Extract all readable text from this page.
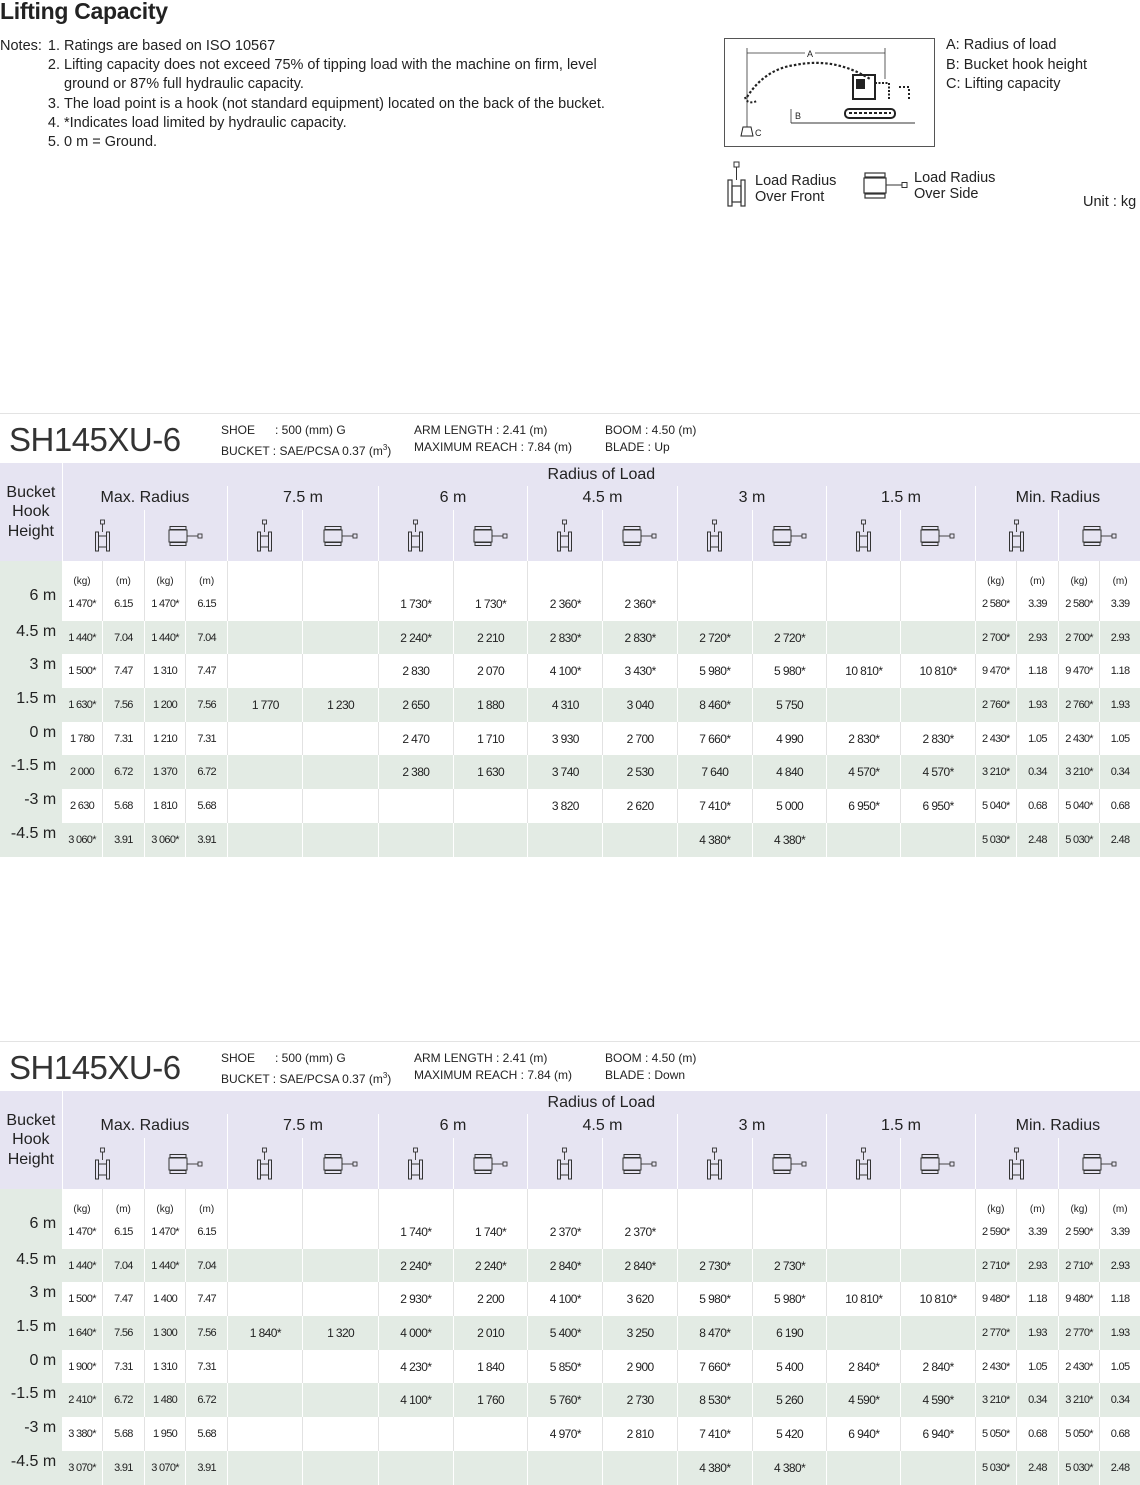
Lifting Capacity
Notes: 1. Ratings are based on ISO 10567
2. Lifting capacity does not exceed 75% of tipping load with the machine on firm, level ground or 87% full hydraulic capacity.
3. The load point is a hook (not standard equipment) located on the back of the bucket.
4. *Indicates load limited by hydraulic capacity.
5. 0 m = Ground.
A
B
C
A: Radius of load
B: Bucket hook height
C: Lifting capacity
Load Radius
Over Front
Load Radius
Over Side	Unit : kg
SH145XU-6	SHOE      : 500 (mm) G
BUCKET : SAE/PCSA 0.37 $(m^3)$
ARM LENGTH : 2.41 (m)
MAXIMUM REACH : 7.84 (m)
BOOM : 4.50 (m)
BLADE : Up
Bucket
Hook
Height	Radius of Load																	
	Max. Radius				7.5 m		6 m		4.5 m		3 m		1.5 m		Min. Radius			

	(kg)	(m)	(kg)	(m)											(kg)	(m)	(kg)	(m)
6 m	1 470*	6.15	1 470*	6.15			1 730*	1 730*	2 360*	2 360*					2 580*	3.39	2 580*	3.39
4.5 m	1 440*	7.04	1 440*	7.04			2 240*	2 210	2 830*	2 830*	2 720*	2 720*			2 700*	2.93	2 700*	2.93
3 m	1 500*	7.47	1 310	7.47			2 830	2 070	4 100*	3 430*	5 980*	5 980*	10 810*	10 810*	9 470*	1.18	9 470*	1.18
1.5 m	1 630*	7.56	1 200	7.56	1 770	1 230	2 650	1 880	4 310	3 040	8 460*	5 750			2 760*	1.93	2 760*	1.93
0 m	1 780	7.31	1 210	7.31			2 470	1 710	3 930	2 700	7 660*	4 990	2 830*	2 830*	2 430*	1.05	2 430*	1.05
-1.5 m	2 000	6.72	1 370	6.72			2 380	1 630	3 740	2 530	7 640	4 840	4 570*	4 570*	3 210*	0.34	3 210*	0.34
-3 m	2 630	5.68	1 810	5.68					3 820	2 620	7 410*	5 000	6 950*	6 950*	5 040*	0.68	5 040*	0.68
-4.5 m	3 060*	3.91	3 060*	3.91							4 380*	4 380*			5 030*	2.48	5 030*	2.48
SH145XU-6	SHOE      : 500 (mm) G
BUCKET : SAE/PCSA 0.37 $(m^3)$
ARM LENGTH : 2.41 (m)
MAXIMUM REACH : 7.84 (m)
BOOM : 4.50 (m)
BLADE : Down
Bucket
Hook
Height	Radius of Load																	
	Max. Radius				7.5 m		6 m		4.5 m		3 m		1.5 m		Min. Radius			

	(kg)	(m)	(kg)	(m)											(kg)	(m)	(kg)	(m)
6 m	1 470*	6.15	1 470*	6.15			1 740*	1 740*	2 370*	2 370*					2 590*	3.39	2 590*	3.39
4.5 m	1 440*	7.04	1 440*	7.04			2 240*	2 240*	2 840*	2 840*	2 730*	2 730*			2 710*	2.93	2 710*	2.93
3 m	1 500*	7.47	1 400	7.47			2 930*	2 200	4 100*	3 620	5 980*	5 980*	10 810*	10 810*	9 480*	1.18	9 480*	1.18
1.5 m	1 640*	7.56	1 300	7.56	1 840*	1 320	4 000*	2 010	5 400*	3 250	8 470*	6 190			2 770*	1.93	2 770*	1.93
0 m	1 900*	7.31	1 310	7.31			4 230*	1 840	5 850*	2 900	7 660*	5 400	2 840*	2 840*	2 430*	1.05	2 430*	1.05
-1.5 m	2 410*	6.72	1 480	6.72			4 100*	1 760	5 760*	2 730	8 530*	5 260	4 590*	4 590*	3 210*	0.34	3 210*	0.34
-3 m	3 380*	5.68	1 950	5.68					4 970*	2 810	7 410*	5 420	6 940*	6 940*	5 050*	0.68	5 050*	0.68
-4.5 m	3 070*	3.91	3 070*	3.91							4 380*	4 380*			5 030*	2.48	5 030*	2.48
